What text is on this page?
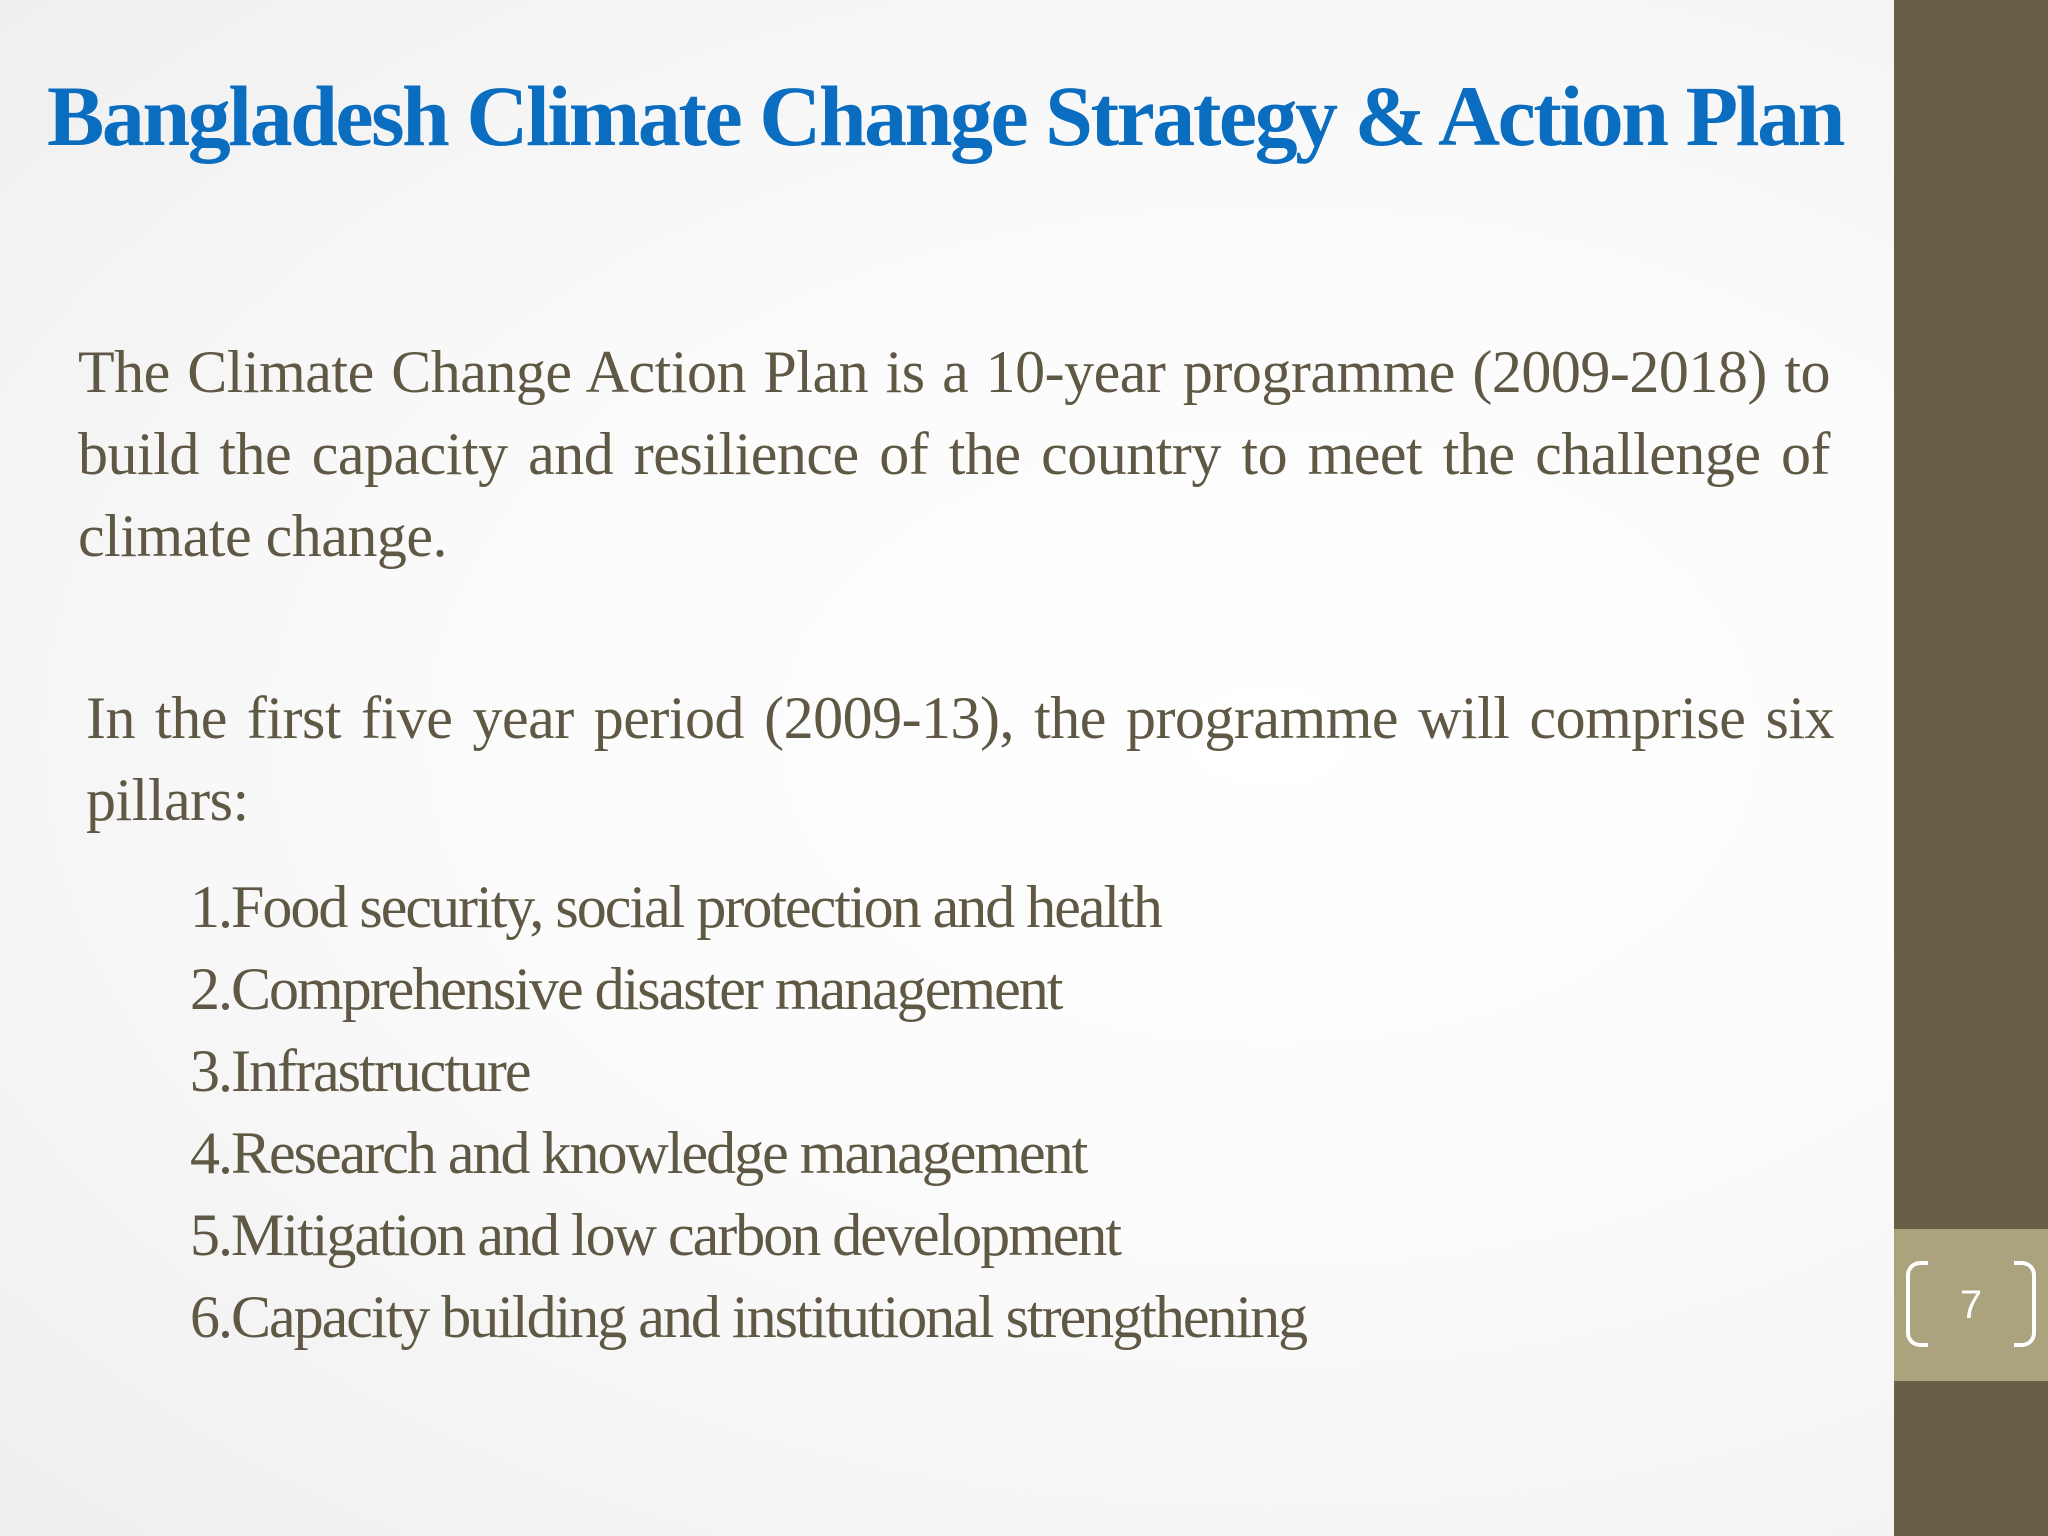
Bangladesh Climate Change Strategy & Action Plan

The Climate Change Action Plan is a 10-year programme (2009-2018) to build the capacity and resilience of the country to meet the challenge of climate change.

In the first five year period (2009-13), the programme will comprise six pillars:

1.Food security, social protection and health
2.Comprehensive disaster management
3.Infrastructure
4.Research and knowledge management
5.Mitigation and low carbon development
6.Capacity building and institutional strengthening	7
